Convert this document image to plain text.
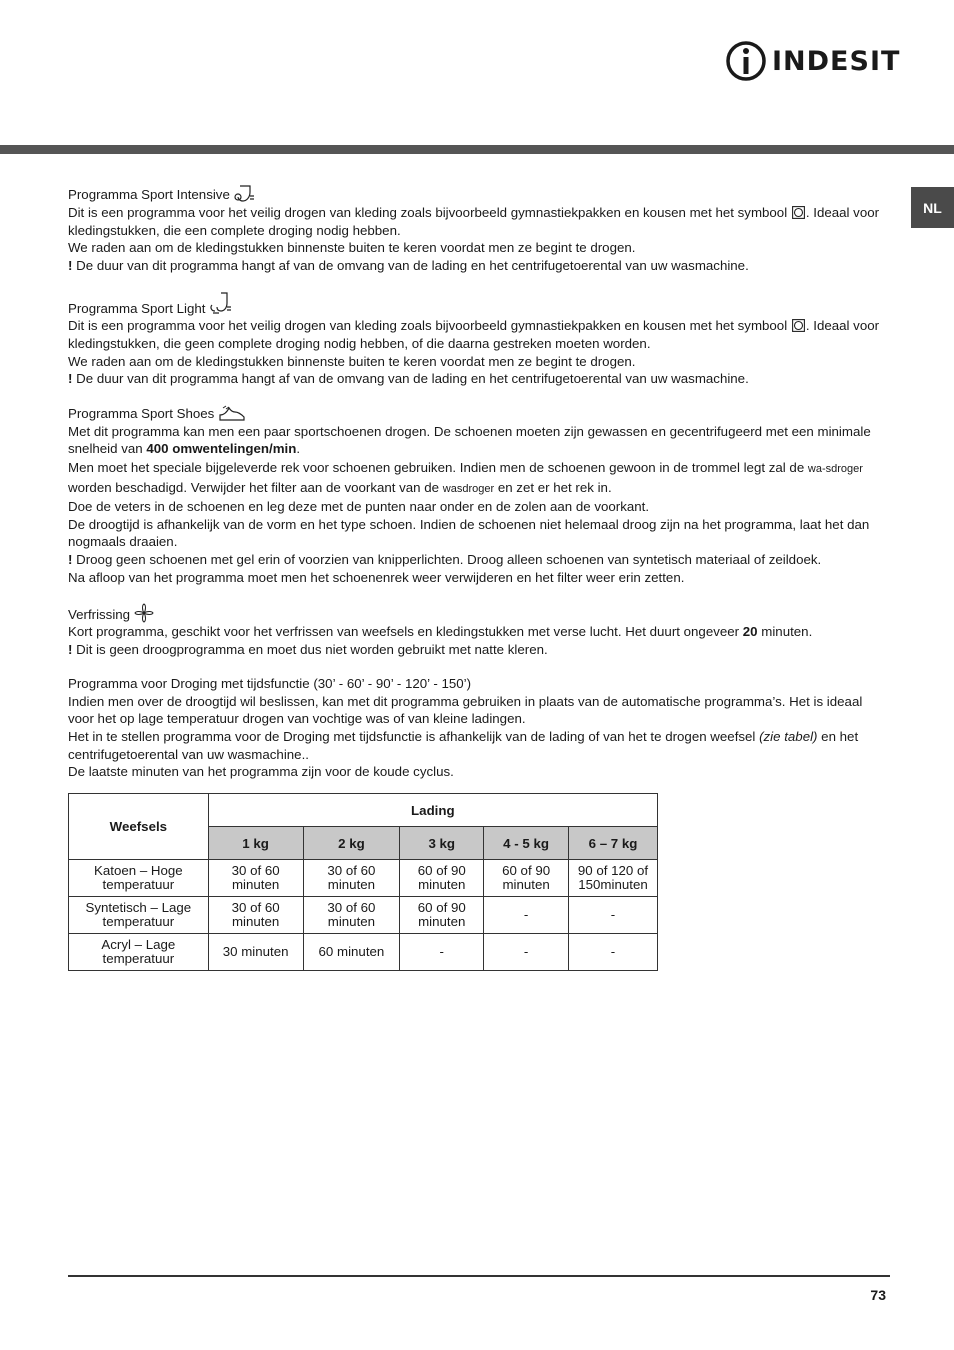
INDESIT
NL
Programma Sport Intensive

Dit is een programma voor het veilig drogen van kleding zoals bijvoorbeeld gymnastiekpakken en kousen met het symbool . Ideaal voor kledingstukken, die een complete droging nodig hebben.

We raden aan om de kledingstukken binnenste buiten te keren voordat men ze begint te drogen.

! De duur van dit programma hangt af van de omvang van de lading en het centrifugetoerental van uw wasmachine.

Programma Sport Light

Dit is een programma voor het veilig drogen van kleding zoals bijvoorbeeld gymnastiekpakken en kousen met het symbool . Ideaal voor kledingstukken, die geen complete droging nodig hebben, of die daarna gestreken moeten worden.

We raden aan om de kledingstukken binnenste buiten te keren voordat men ze begint te drogen.

! De duur van dit programma hangt af van de omvang van de lading en het centrifugetoerental van uw wasmachine.

Programma Sport Shoes

Met dit programma kan men een paar sportschoenen drogen. De schoenen moeten zijn gewassen en gecentrifugeerd met een minimale snelheid van 400 omwentelingen/min.

Men moet het speciale bijgeleverde rek voor schoenen gebruiken. Indien men de schoenen gewoon in de trommel legt zal de wa-sdroger worden beschadigd. Verwijder het filter aan de voorkant van de wasdroger en zet er het rek in.

Doe de veters in de schoenen en leg deze met de punten naar onder en de zolen aan de voorkant.

De droogtijd is afhankelijk van de vorm en het type schoen. Indien de schoenen niet helemaal droog zijn na het programma, laat het dan nogmaals draaien.

! Droog geen schoenen met gel erin of voorzien van knipperlichten. Droog alleen schoenen van syntetisch materiaal of zeildoek.

Na afloop van het programma moet men het schoenenrek weer verwijderen en het filter weer erin zetten.

Verfrissing

Kort programma, geschikt voor het verfrissen van weefsels en kledingstukken met verse lucht. Het duurt ongeveer 20 minuten.

! Dit is geen droogprogramma en moet dus niet worden gebruikt met natte kleren.

Programma voor Droging met tijdsfunctie (30’ - 60’ - 90’ - 120’ - 150’)

Indien men over de droogtijd wil beslissen, kan met dit programma gebruiken in plaats van de automatische programma’s. Het is ideaal voor het op lage temperatuur drogen van vochtige was of van kleine ladingen.

Het in te stellen programma voor de Droging met tijdsfunctie is afhankelijk van de lading of van het te drogen weefsel (zie tabel) en het centrifugetoerental van uw wasmachine..

De laatste minuten van het programma zijn voor de koude cyclus.

Weefsels	Lading				
	1 kg	2 kg	3 kg	4 - 5 kg	6 – 7 kg
Katoen – Hoge temperatuur	30 of 60 minuten	30 of 60 minuten	60 of 90 minuten	60 of 90 minuten	90 of 120 of 150minuten
Syntetisch – Lage temperatuur	30 of 60 minuten	30 of 60 minuten	60 of 90 minuten	-	-
Acryl – Lage temperatuur	30 minuten	60 minuten	-	-	-
73
